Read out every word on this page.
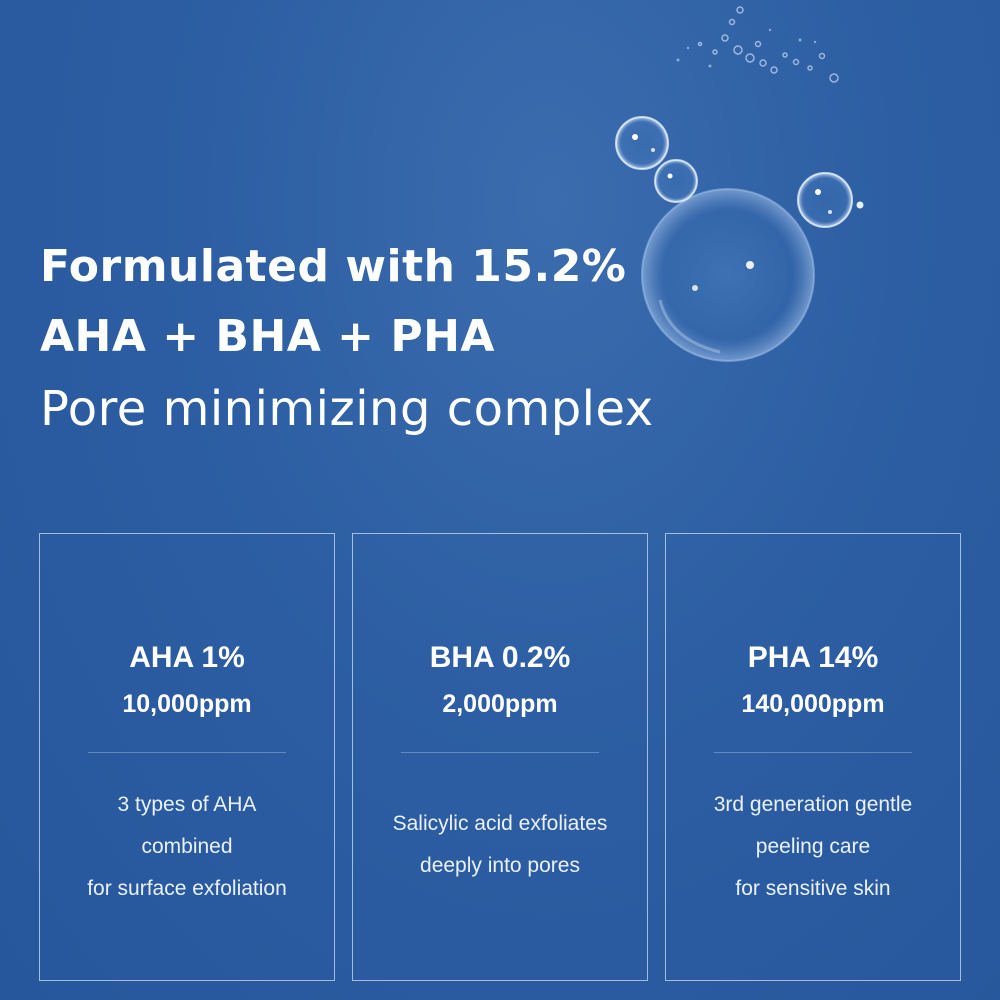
Formulated with 15.2%
AHA + BHA + PHA
Pore minimizing complex
AHA 1%
10,000ppm
3 types of AHA
combined
for surface exfoliation
BHA 0.2%
2,000ppm
Salicylic acid exfoliates
deeply into pores
PHA 14%
140,000ppm
3rd generation gentle
peeling care
for sensitive skin
